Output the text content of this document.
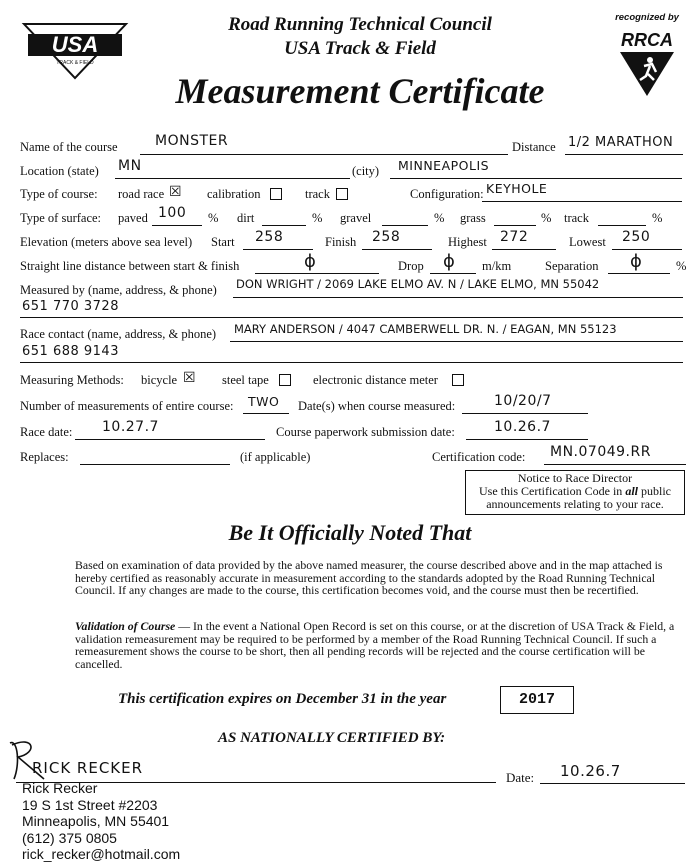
USA
TRACK & FIELD
Road Running Technical Council
USA Track & Field
Measurement Certificate
recognized by
RRCA
Name of the course	MONSTER	Distance 1/2 MARATHON
Location (state) MN	(city) MINNEAPOLIS
Type of course: road race ☒ calibration	track	Configuration: KEYHOLE
Type of surface: paved 100 % dirt	% gravel	% grass	% track	%
Elevation (meters above sea level) Start 258	Finish 258	Highest 272	Lowest 250
Straight line distance between start & finish	ϕ	Drop ϕ m/km	Separation ϕ	%
Measured by (name, address, & phone) DON WRIGHT / 2069 LAKE ELMO AV. N / LAKE ELMO, MN 55042
651 770 3728
Race contact (name, address, & phone) MARY ANDERSON / 4047 CAMBERWELL DR. N. / EAGAN, MN 55123
651 688 9143
Measuring Methods: bicycle ☒ steel tape	electronic distance meter
Number of measurements of entire course: TWO Date(s) when course measured:	10/20/7
Race date: 10.27.7	Course paperwork submission date:	10.26.7
Replaces:	(if applicable)	Certification code: MN.07049.RR
Notice to Race Director
Use this Certification Code in all public
announcements relating to your race.
Be It Officially Noted That
Based on examination of data provided by the above named measurer, the course described above and in the map attached is hereby certified as reasonably accurate in measurement according to the standards adopted by the Road Running Technical Council. If any changes are made to the course, this certification becomes void, and the course must then be recertified.
Validation of Course — In the event a National Open Record is set on this course, or at the discretion of USA Track & Field, a validation remeasurement may be required to be performed by a member of the Road Running Technical Council. If such a remeasurement shows the course to be short, then all pending records will be rejected and the course certification will be cancelled.
This certification expires on December 31 in the year	2017
AS NATIONALLY CERTIFIED BY:
RICK RECKER
Date: 10.26.7
Rick Recker
19 S 1st Street #2203
Minneapolis, MN 55401
(612) 375 0805
rick_recker@hotmail.com
